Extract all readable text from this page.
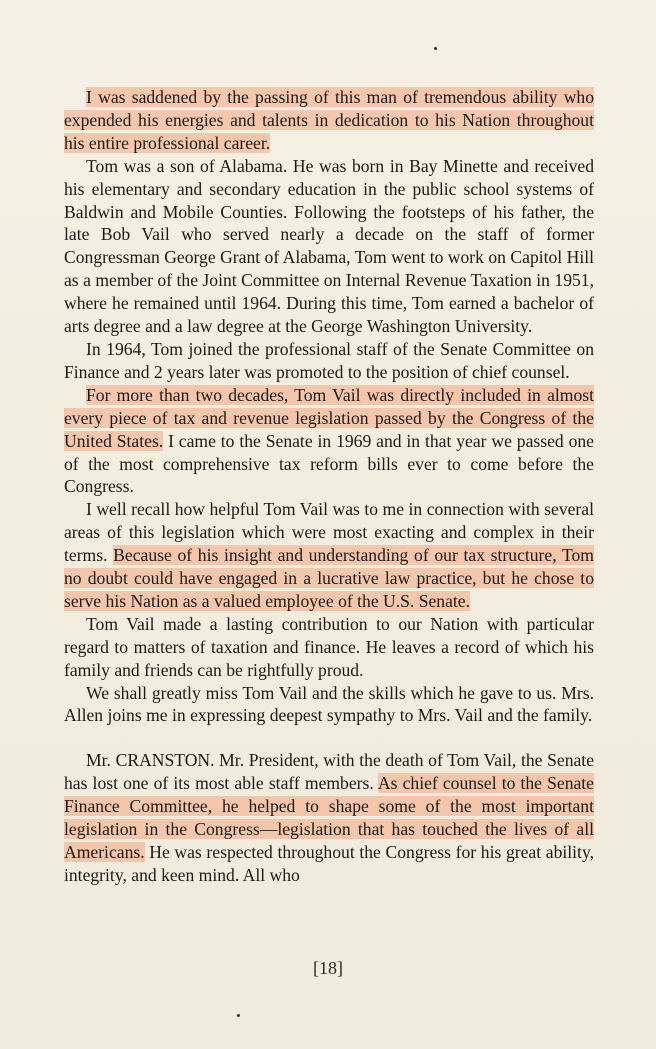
I was saddened by the passing of this man of tremendous ability who expended his energies and talents in dedication to his Nation throughout his entire professional career.

Tom was a son of Alabama. He was born in Bay Minette and received his elementary and secondary education in the public school systems of Baldwin and Mobile Counties. Following the footsteps of his father, the late Bob Vail who served nearly a decade on the staff of former Congressman George Grant of Alabama, Tom went to work on Capitol Hill as a member of the Joint Committee on Internal Revenue Taxation in 1951, where he remained until 1964. During this time, Tom earned a bachelor of arts degree and a law degree at the George Washington University.

In 1964, Tom joined the professional staff of the Senate Committee on Finance and 2 years later was promoted to the position of chief counsel.

For more than two decades, Tom Vail was directly included in almost every piece of tax and revenue legislation passed by the Congress of the United States. I came to the Senate in 1969 and in that year we passed one of the most comprehensive tax reform bills ever to come before the Congress.

I well recall how helpful Tom Vail was to me in connection with several areas of this legislation which were most exacting and complex in their terms. Because of his insight and understanding of our tax structure, Tom no doubt could have engaged in a lucrative law practice, but he chose to serve his Nation as a valued employee of the U.S. Senate.

Tom Vail made a lasting contribution to our Nation with particular regard to matters of taxation and finance. He leaves a record of which his family and friends can be rightfully proud.

We shall greatly miss Tom Vail and the skills which he gave to us. Mrs. Allen joins me in expressing deepest sympathy to Mrs. Vail and the family.

Mr. CRANSTON. Mr. President, with the death of Tom Vail, the Senate has lost one of its most able staff members. As chief counsel to the Senate Finance Committee, he helped to shape some of the most important legislation in the Congress—legislation that has touched the lives of all Americans. He was respected throughout the Congress for his great ability, integrity, and keen mind. All who

[18]
